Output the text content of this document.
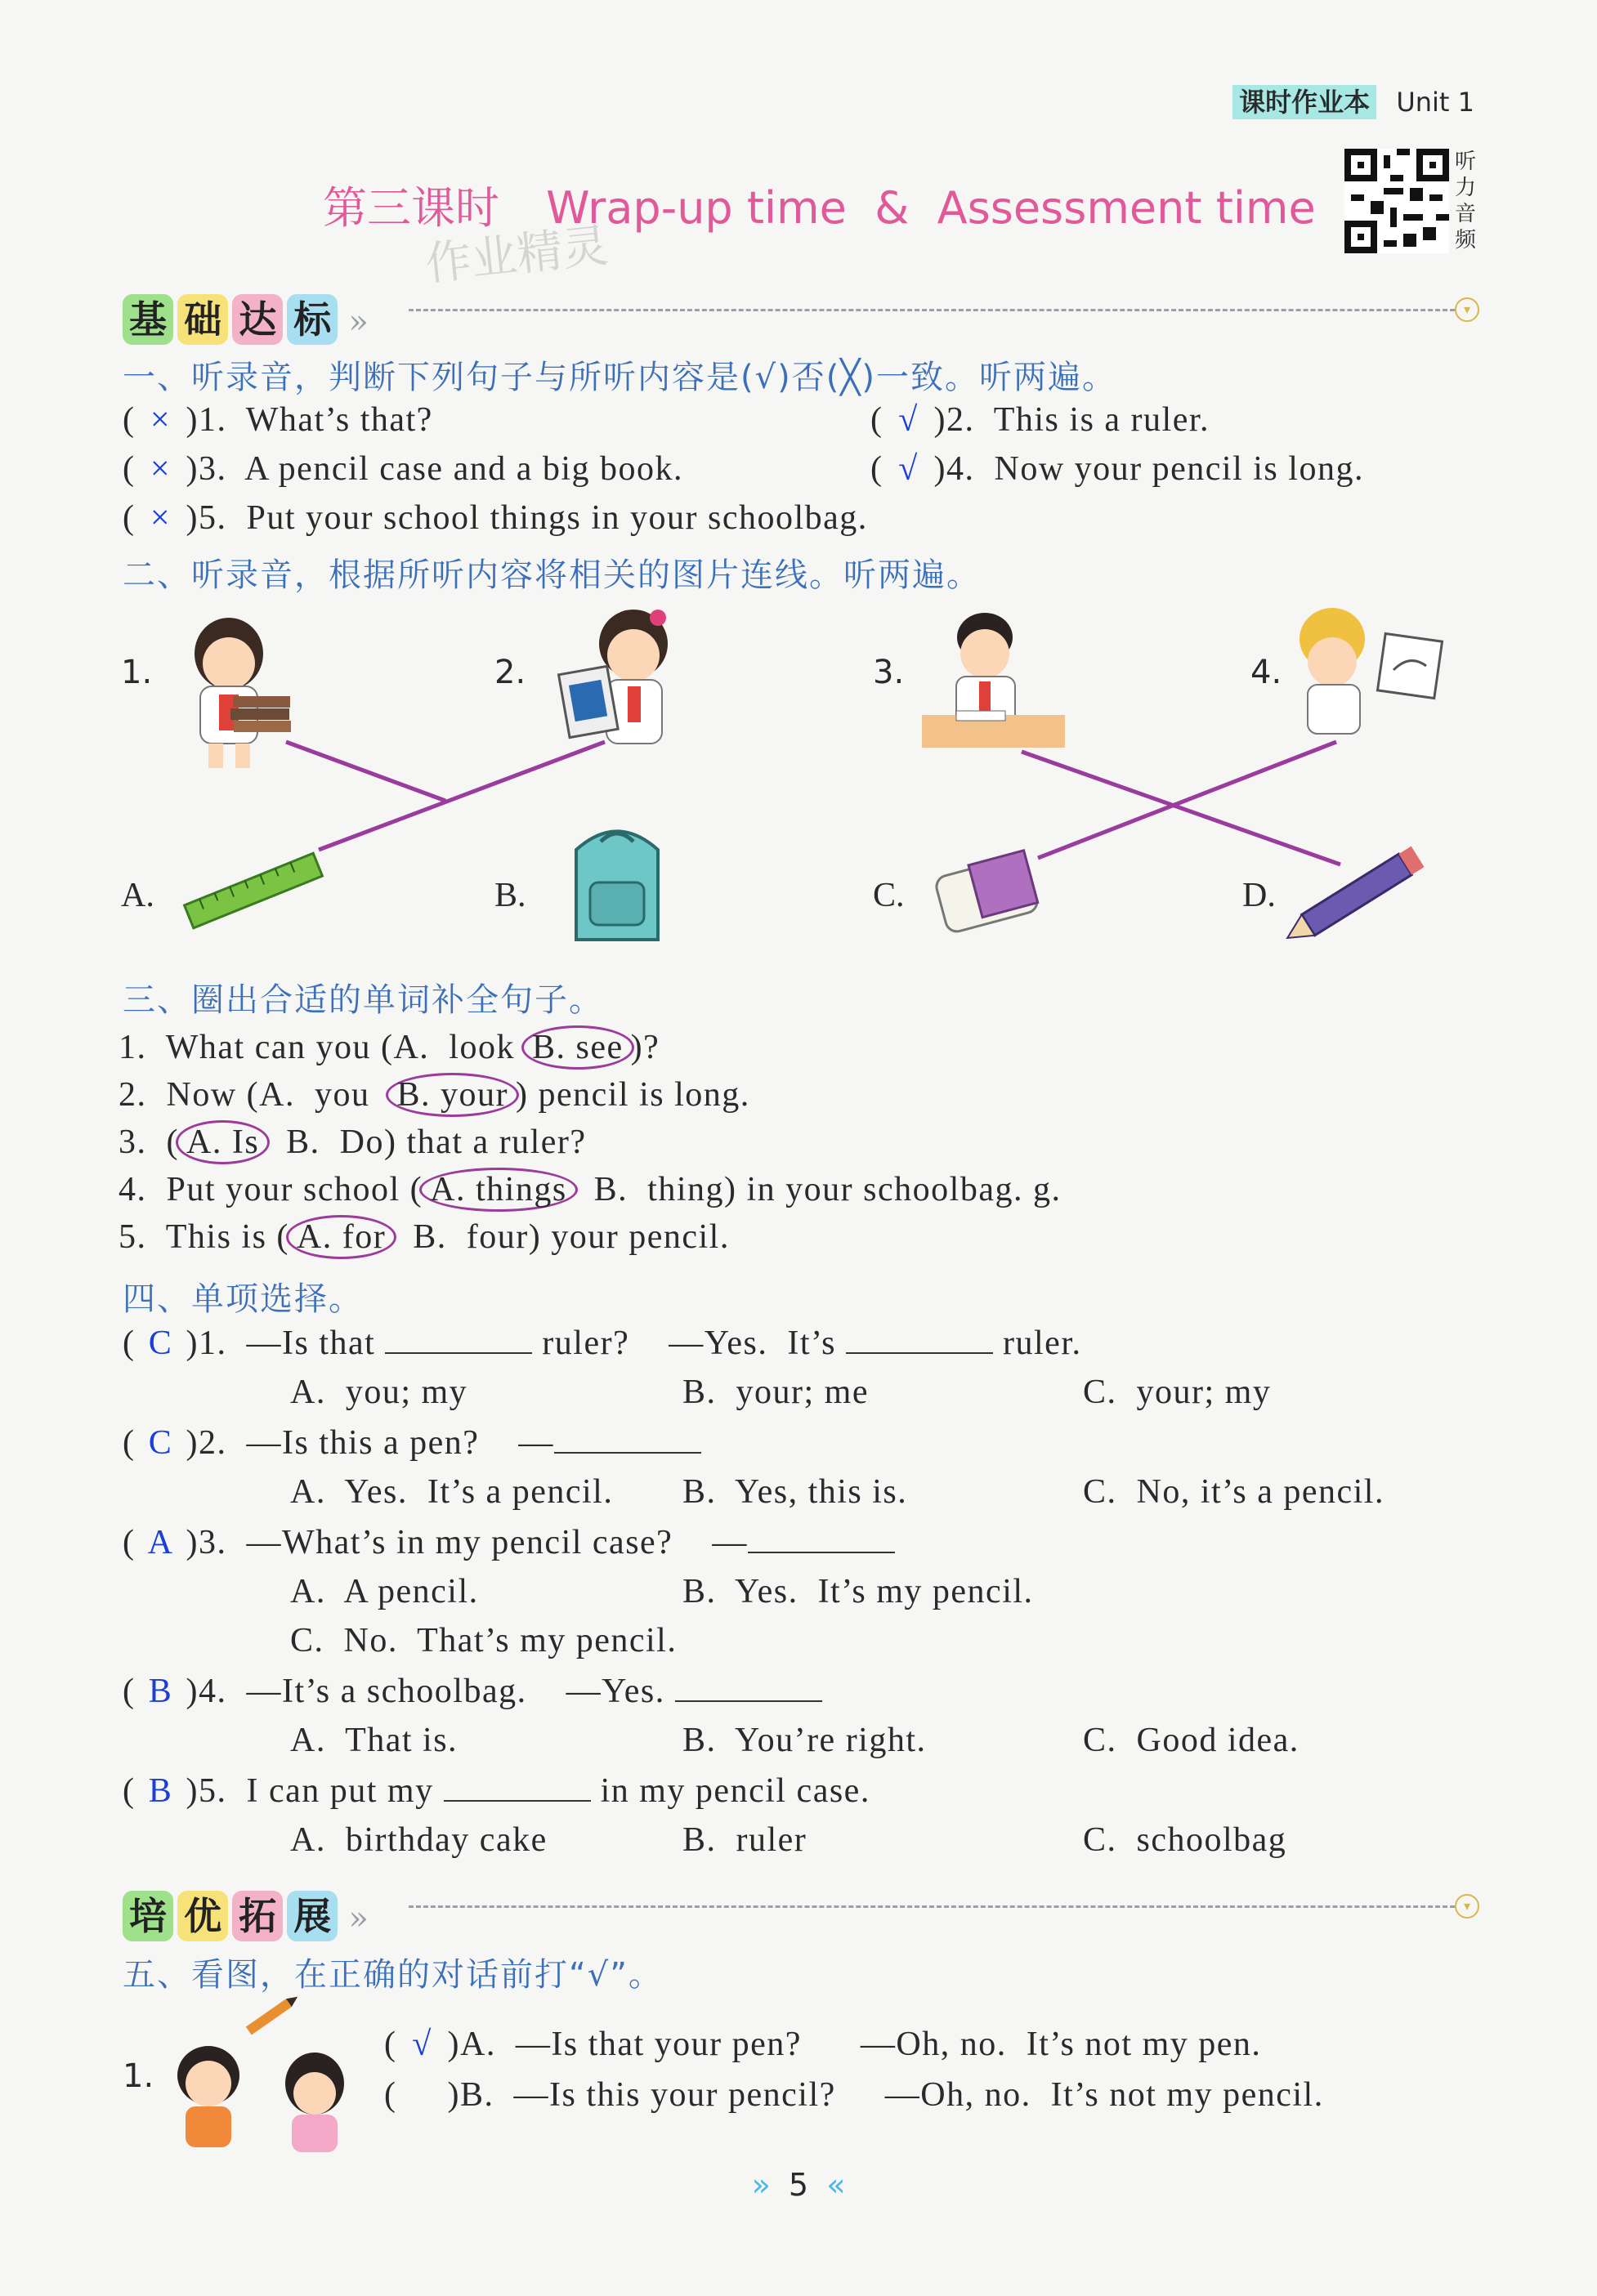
课时作业本 Unit 1
第三课时 Wrap-up time  &  Assessment time
作业精灵
听
力
音
频
基 础 达 标 »	▾
一、听录音，判断下列句子与所听内容是(√)否(╳)一致。听两遍。
( × )1.  What’s that?	( √ )2.  This is a ruler.
( × )3.  A pencil case and a big book.	( √ )4.  Now your pencil is long.
( × )5.  Put your school things in your schoolbag.
二、听录音，根据所听内容将相关的图片连线。听两遍。
1.	2.	3.	4.
A.	B.	C.	D.
三、圈出合适的单词补全句子。
1.  What can you (A.  look B. see )?
2.  Now (A.  you  B. your ) pencil is long.
3.  ( A. Is  B.  Do) that a ruler?
4.  Put your school ( A. things  B.  thing) in your schoolbag. g.
5.  This is ( A. for  B.  four) your pencil.
四、单项选择。
( C )1.  —Is that	ruler?    —Yes.  It’s	ruler.
A.  you; my	B.  your; me	C.  your; my
( C )2.  —Is this a pen?    —
A.  Yes.  It’s a pencil. B.  Yes, this is.	C.  No, it’s a pencil.
( A )3.  —What’s in my pencil case?    —
A.  A pencil.	B.  Yes.  It’s my pencil.
C.  No.  That’s my pencil.
( B )4.  —It’s a schoolbag.    —Yes.
A.  That is.	B.  You’re right.	C.  Good idea.
( B )5.  I can put my	in my pencil case.
A.  birthday cake	B.  ruler	C.  schoolbag
培 优 拓 展 »	▾
五、看图，在正确的对话前打“√”。
1.
( √ )A.  —Is that your pen?      —Oh, no.  It’s not my pen.
( )B.  —Is this your pencil?     —Oh, no.  It’s not my pencil.
» 5 «
